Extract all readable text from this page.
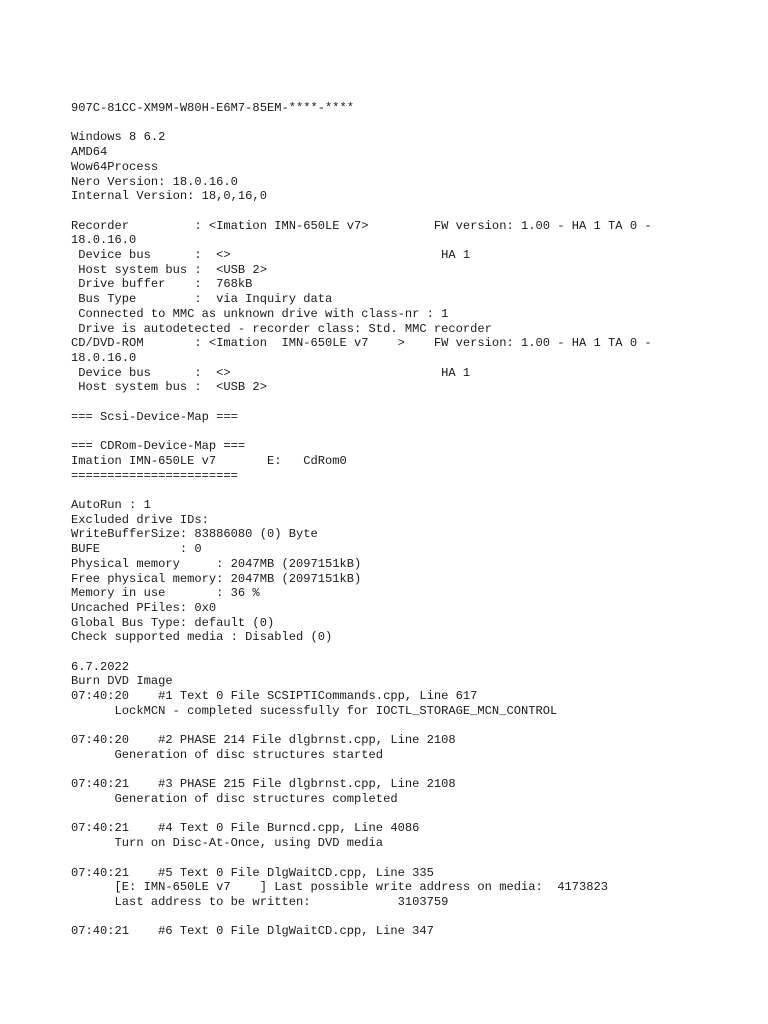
907C-81CC-XM9M-W80H-E6M7-85EM-****-****

Windows 8 6.2
AMD64
Wow64Process
Nero Version: 18.0.16.0
Internal Version: 18,0,16,0

Recorder         : <Imation IMN-650LE v7>         FW version: 1.00 - HA 1 TA 0 -
18.0.16.0
Device bus      :  <>                             HA 1
Host system bus :  <USB 2>
Drive buffer    :  768kB
Bus Type        :  via Inquiry data
Connected to MMC as unknown drive with class-nr : 1
Drive is autodetected - recorder class: Std. MMC recorder
CD/DVD-ROM       : <Imation  IMN-650LE v7    >    FW version: 1.00 - HA 1 TA 0 -
18.0.16.0
Device bus      :  <>                             HA 1
Host system bus :  <USB 2>

=== Scsi-Device-Map ===

=== CDRom-Device-Map ===
Imation IMN-650LE v7       E:   CdRom0
=======================

AutoRun : 1
Excluded drive IDs:
WriteBufferSize: 83886080 (0) Byte
BUFE           : 0
Physical memory     : 2047MB (2097151kB)
Free physical memory: 2047MB (2097151kB)
Memory in use       : 36 %
Uncached PFiles: 0x0
Global Bus Type: default (0)
Check supported media : Disabled (0)

6.7.2022
Burn DVD Image
07:40:20    #1 Text 0 File SCSIPTICommands.cpp, Line 617
LockMCN - completed sucessfully for IOCTL_STORAGE_MCN_CONTROL

07:40:20    #2 PHASE 214 File dlgbrnst.cpp, Line 2108
Generation of disc structures started

07:40:21    #3 PHASE 215 File dlgbrnst.cpp, Line 2108
Generation of disc structures completed

07:40:21    #4 Text 0 File Burncd.cpp, Line 4086
Turn on Disc-At-Once, using DVD media

07:40:21    #5 Text 0 File DlgWaitCD.cpp, Line 335
[E: IMN-650LE v7    ] Last possible write address on media:  4173823
Last address to be written:            3103759

07:40:21    #6 Text 0 File DlgWaitCD.cpp, Line 347
